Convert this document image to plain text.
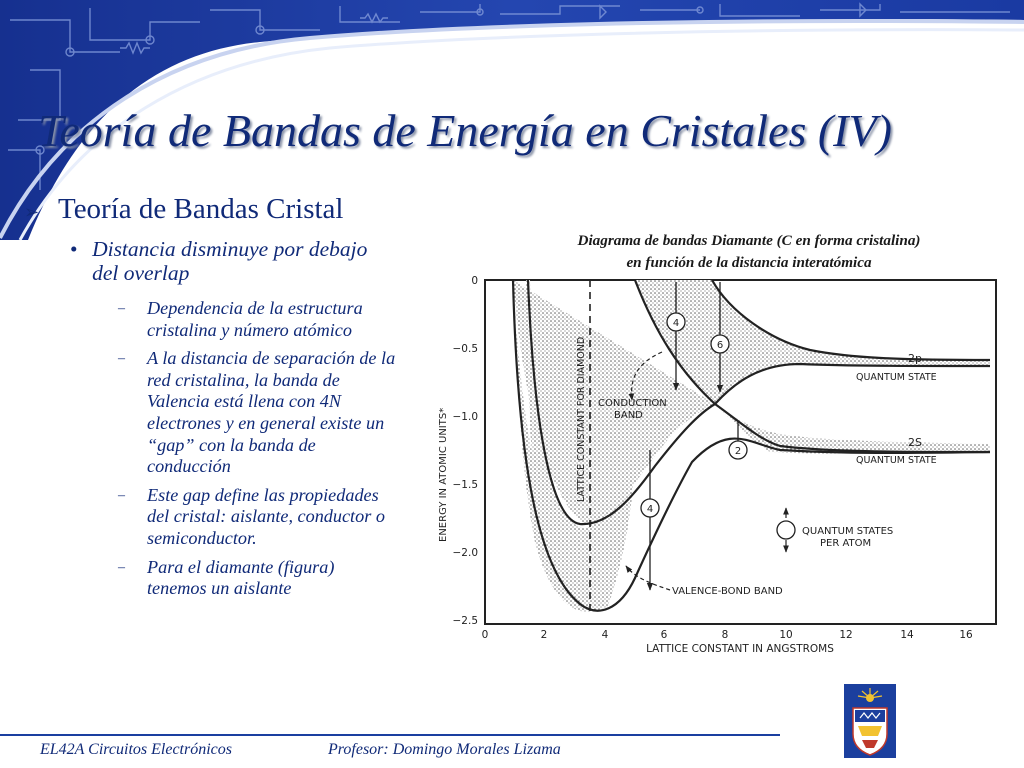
Teoría de Bandas de Energía en Cristales (IV)
➢ Teoría de Bandas Cristal
• Distancia disminuye por debajo del overlap
–	Dependencia de la estructura cristalina y número atómico
–	A la distancia de separación de la red cristalina, la banda de Valencia está llena con 4N electrones y en general existe un “gap” con la banda de conducción
–	Este gap define las propiedades del cristal: aislante, conductor o semiconductor.
–	Para el diamante (figura) tenemos un aislante
Diagrama de bandas Diamante (C en forma cristalina)
en función de la distancia interatómica
4
6
2
4
CONDUCTION
BAND
VALENCE-BOND BAND
2p
QUANTUM STATE
2S
QUANTUM STATE
QUANTUM STATES
PER ATOM
ENERGY IN ATOMIC UNITS*	LATTICE CONSTANT FOR DIAMOND
0
−0.5
−1.0
−1.5
−2.0
−2.5
0	2	4	6	8	10	12	14	16
LATTICE CONSTANT IN ANGSTROMS
EL42A Circuitos Electrónicos	Profesor: Domingo Morales Lizama
